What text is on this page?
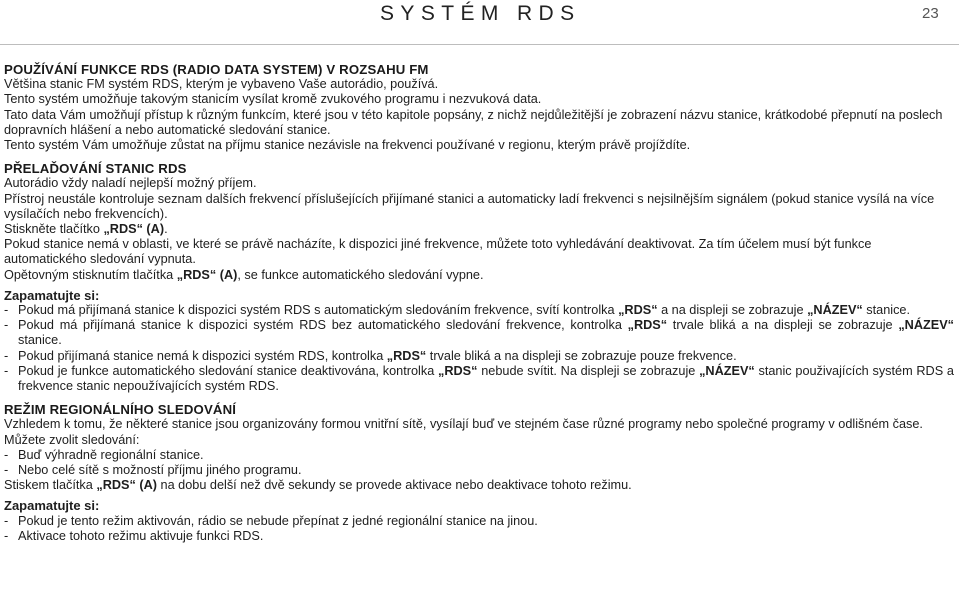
SYSTÉM RDS	23

POUŽÍVÁNÍ FUNKCE RDS (RADIO DATA SYSTEM) V ROZSAHU FM

Většina stanic FM systém RDS, kterým je vybaveno Vaše autorádio, používá.

Tento systém umožňuje takovým stanicím vysílat kromě zvukového programu i nezvuková data.

Tato data Vám umožňují přístup k různým funkcím, které jsou v této kapitole popsány, z nichž nejdůležitější je zobrazení názvu stanice, krátkodobé přepnutí na poslech dopravních hlášení a nebo automatické sledování stanice.

Tento systém Vám umožňuje zůstat na příjmu stanice nezávisle na frekvenci používané v regionu, kterým právě projíždíte.

PŘELAĎOVÁNÍ STANIC RDS

Autorádio vždy naladí nejlepší možný příjem.

Přístroj neustále kontroluje seznam dalších frekvencí příslušejících přijímané stanici a automaticky ladí frekvenci s nejsilnějším signálem (pokud stanice vysílá na více vysílačích nebo frekvencích).

Stiskněte tlačítko „RDS“ (A).

Pokud stanice nemá v oblasti, ve které se právě nacházíte, k dispozici jiné frekvence, můžete toto vyhledávání deaktivovat. Za tím účelem musí být funkce automatického sledování vypnuta.

Opětovným stisknutím tlačítka „RDS“ (A), se funkce automatického sledování vypne.

Zapamatujte si:

- Pokud má přijímaná stanice k dispozici systém RDS s automatickým sledováním frekvence, svítí kontrolka „RDS“ a na displeji se zobrazuje „NÁZEV“ stanice.
- Pokud má přijímaná stanice k dispozici systém RDS bez automatického sledování frekvence, kontrolka „RDS“ trvale bliká a na displeji se zobrazuje „NÁZEV“ stanice.
- Pokud přijímaná stanice nemá k dispozici systém RDS, kontrolka „RDS“ trvale bliká a na displeji se zobrazuje pouze frekvence.
- Pokud je funkce automatického sledování stanice deaktivována, kontrolka „RDS“ nebude svítit. Na displeji se zobrazuje „NÁZEV“ stanic použivajících systém RDS a frekvence stanic nepoužívajících systém RDS.

REŽIM REGIONÁLNÍHO SLEDOVÁNÍ

Vzhledem k tomu, že některé stanice jsou organizovány formou vnitřní sítě, vysílají buď ve stejném čase různé programy nebo společné programy v odlišném čase.

Můžete zvolit sledování:

- Buď výhradně regionální stanice.
- Nebo celé sítě s možností příjmu jiného programu.

Stiskem tlačítka „RDS“ (A) na dobu delší než dvě sekundy se provede aktivace nebo deaktivace tohoto režimu.

Zapamatujte si:

- Pokud je tento režim aktivován, rádio se nebude přepínat z jedné regionální stanice na jinou.
- Aktivace tohoto režimu aktivuje funkci RDS.
